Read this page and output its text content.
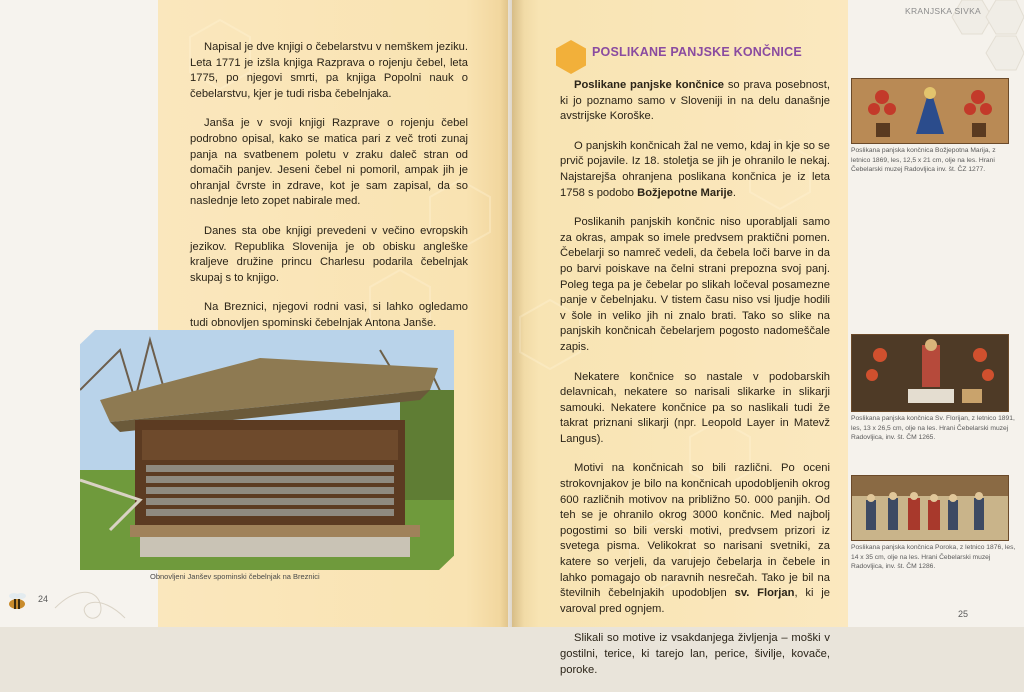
KRANJSKA SIVKA

Napisal je dve knjigi o čebelarstvu v nemškem jeziku. Leta 1771 je izšla knjiga Razprava o rojenju čebel, leta 1775, po njegovi smrti, pa knjiga Popolni nauk o čebelarstvu, kjer je tudi risba čebelnjaka.

Janša je v svoji knjigi Razprave o rojenju čebel podrobno opisal, kako se matica pari z več troti zunaj panja na svatbenem poletu v zraku daleč stran od domačih panjev. Jeseni čebel ni pomoril, ampak jih je ohranjal čvrste in zdrave, kot je sam zapisal, da so naslednje leto zopet nabirale med.

Danes sta obe knjigi prevedeni v večino evropskih jezikov. Republika Slovenija je ob obisku angleške kraljeve družine princu Charlesu podarila čebelnjak skupaj s to knjigo.

Na Breznici, njegovi rodni vasi, si lahko ogledamo tudi obnovljen spominski čebelnjak Antona Janše.

Obnovljeni Janšev spominski čebelnjak na Breznici
24
POSLIKANE PANJSKE KONČNICE

Poslikane panjske končnice so prava posebnost, ki jo poznamo samo v Sloveniji in na delu današnje avstrijske Koroške.

O panjskih končnicah žal ne vemo, kdaj in kje so se prvič pojavile. Iz 18. stoletja se jih je ohranilo le nekaj. Najstarejša ohranjena poslikana končnica je iz leta 1758 s podobo Božjepotne Marije.

Poslikanih panjskih končnic niso uporabljali samo za okras, ampak so imele predvsem praktični pomen. Čebelarji so namreč vedeli, da čebela loči barve in da po barvi poiskave na čelni strani prepozna svoj panj. Poleg tega pa je čebelar po slikah ločeval posamezne panje v čebelnjaku. V tistem času niso vsi ljudje hodili v šole in veliko jih ni znalo brati. Tako so slike na panjskih končnicah čebelarjem pogosto nadomeščale zapis.

Nekatere končnice so nastale v podobarskih delavnicah, nekatere so narisali slikarke in slikarji samouki. Nekatere končnice pa so naslikali tudi že takrat priznani slikarji (npr. Leopold Layer in Matevž Langus).

Motivi na končnicah so bili različni. Po oceni strokovnjakov je bilo na končnicah upodobljenih okrog 600 različnih motivov na približno 50. 000 panjih. Od teh se je ohranilo okrog 3000 končnic. Med najbolj pogostimi so bili verski motivi, predvsem prizori iz svetega pisma. Velikokrat so narisani svetniki, za katere so verjeli, da varujejo čebelarja in čebele in lahko pomagajo ob naravnih nesrečah. Tako je bil na številnih čebelnjakih upodobljen sv. Florjan, ki je varoval pred ognjem.

Slikali so motive iz vsakdanjega življenja – moški v gostilni, terice, ki tarejo lan, perice, šivilje, kovače, poroke.

Poslikana panjska končnica Božjepotna Marija, z letnico 1869, les, 12,5 x 21 cm, olje na les. Hrani Čebelarski muzej Radovljica inv. št. ČZ 1277.
Poslikana panjska končnica Sv. Florijan, z letnico 1891, les, 13 x 26,5 cm, olje na les. Hrani Čebelarski muzej Radovljica, inv. št. ČM 1265.
Poslikana panjska končnica Poroka, z letnico 1876, les, 14 x 35 cm, olje na les. Hrani Čebelarski muzej Radovljica, inv. št. ČM 1286.
25
